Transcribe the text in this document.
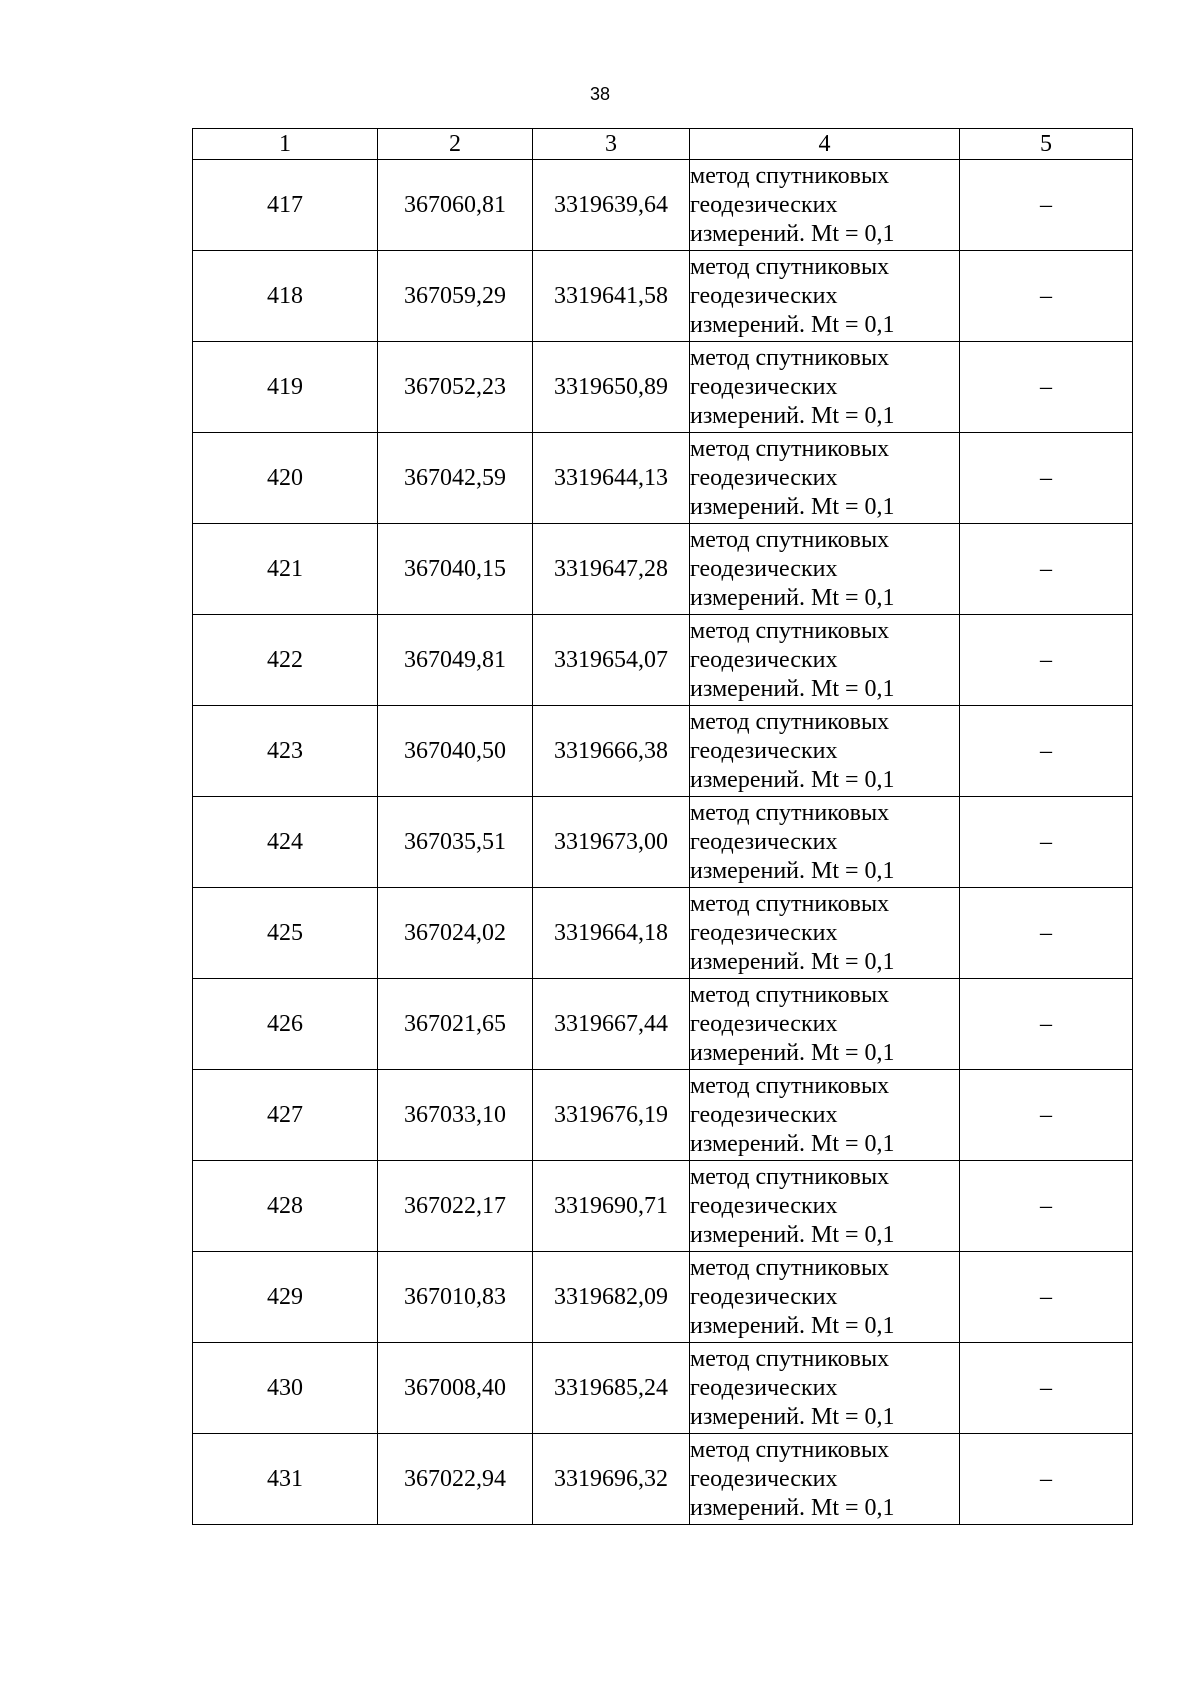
38
1	2	3	4	5
417	367060,81	3319639,64	метод спутниковых
геодезических
измерений. Mt = 0,1	–
418	367059,29	3319641,58	метод спутниковых
геодезических
измерений. Mt = 0,1	–
419	367052,23	3319650,89	метод спутниковых
геодезических
измерений. Mt = 0,1	–
420	367042,59	3319644,13	метод спутниковых
геодезических
измерений. Mt = 0,1	–
421	367040,15	3319647,28	метод спутниковых
геодезических
измерений. Mt = 0,1	–
422	367049,81	3319654,07	метод спутниковых
геодезических
измерений. Mt = 0,1	–
423	367040,50	3319666,38	метод спутниковых
геодезических
измерений. Mt = 0,1	–
424	367035,51	3319673,00	метод спутниковых
геодезических
измерений. Mt = 0,1	–
425	367024,02	3319664,18	метод спутниковых
геодезических
измерений. Mt = 0,1	–
426	367021,65	3319667,44	метод спутниковых
геодезических
измерений. Mt = 0,1	–
427	367033,10	3319676,19	метод спутниковых
геодезических
измерений. Mt = 0,1	–
428	367022,17	3319690,71	метод спутниковых
геодезических
измерений. Mt = 0,1	–
429	367010,83	3319682,09	метод спутниковых
геодезических
измерений. Mt = 0,1	–
430	367008,40	3319685,24	метод спутниковых
геодезических
измерений. Mt = 0,1	–
431	367022,94	3319696,32	метод спутниковых
геодезических
измерений. Mt = 0,1	–
